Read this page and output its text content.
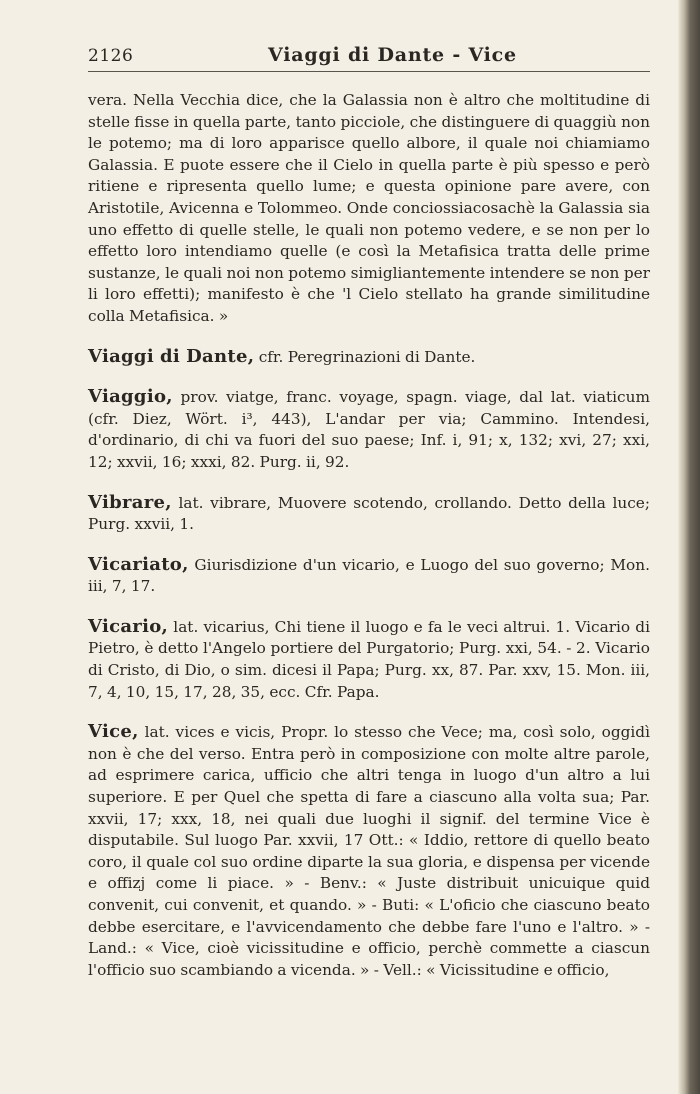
2126	Viaggi di Dante - Vice

vera. Nella Vecchia dice, che la Galassia non è altro che moltitudine di stelle fisse in quella parte, tanto picciole, che distinguere di quaggiù non le potemo; ma di loro apparisce quello albore, il quale noi chiamiamo Galassia. E puote essere che il Cielo in quella parte è più spesso e però ritiene e ripresenta quello lume; e questa opinione pare avere, con Aristotile, Avicenna e Tolommeo. Onde conciossiacosachè la Galassia sia uno effetto di quelle stelle, le quali non potemo vedere, e se non per lo effetto loro intendiamo quelle (e così la Metafisica tratta delle prime sustanze, le quali noi non potemo simigliantemente intendere se non per li loro effetti); manifesto è che 'l Cielo stellato ha grande similitudine colla Metafisica. »

Viaggi di Dante, cfr. Peregrinazioni di Dante.

Viaggio, prov. viatge, franc. voyage, spagn. viage, dal lat. viaticum (cfr. Diez, Wört. i³, 443), L'andar per via; Cammino. Intendesi, d'ordinario, di chi va fuori del suo paese; Inf. i, 91; x, 132; xvi, 27; xxi, 12; xxvii, 16; xxxi, 82. Purg. ii, 92.

Vibrare, lat. vibrare, Muovere scotendo, crollando. Detto della luce; Purg. xxvii, 1.

Vicariato, Giurisdizione d'un vicario, e Luogo del suo governo; Mon. iii, 7, 17.

Vicario, lat. vicarius, Chi tiene il luogo e fa le veci altrui. 1. Vicario di Pietro, è detto l'Angelo portiere del Purgatorio; Purg. xxi, 54. - 2. Vicario di Cristo, di Dio, o sim. dicesi il Papa; Purg. xx, 87. Par. xxv, 15. Mon. iii, 7, 4, 10, 15, 17, 28, 35, ecc. Cfr. Papa.

Vice, lat. vices e vicis, Propr. lo stesso che Vece; ma, così solo, oggidì non è che del verso. Entra però in composizione con molte altre parole, ad esprimere carica, ufficio che altri tenga in luogo d'un altro a lui superiore. E per Quel che spetta di fare a ciascuno alla volta sua; Par. xxvii, 17; xxx, 18, nei quali due luoghi il signif. del termine Vice è disputabile. Sul luogo Par. xxvii, 17 Ott.: « Iddio, rettore di quello beato coro, il quale col suo ordine diparte la sua gloria, e dispensa per vicende e offizj come li piace. » - Benv.: « Juste distribuit unicuique quid convenit, cui convenit, et quando. » - Buti: « L'oficio che ciascuno beato debbe esercitare, e l'avvicendamento che debbe fare l'uno e l'altro. » - Land.: « Vice, cioè vicissitudine e officio, perchè commette a ciascun l'officio suo scambiando a vicenda. » - Vell.: « Vicissitudine e officio,
